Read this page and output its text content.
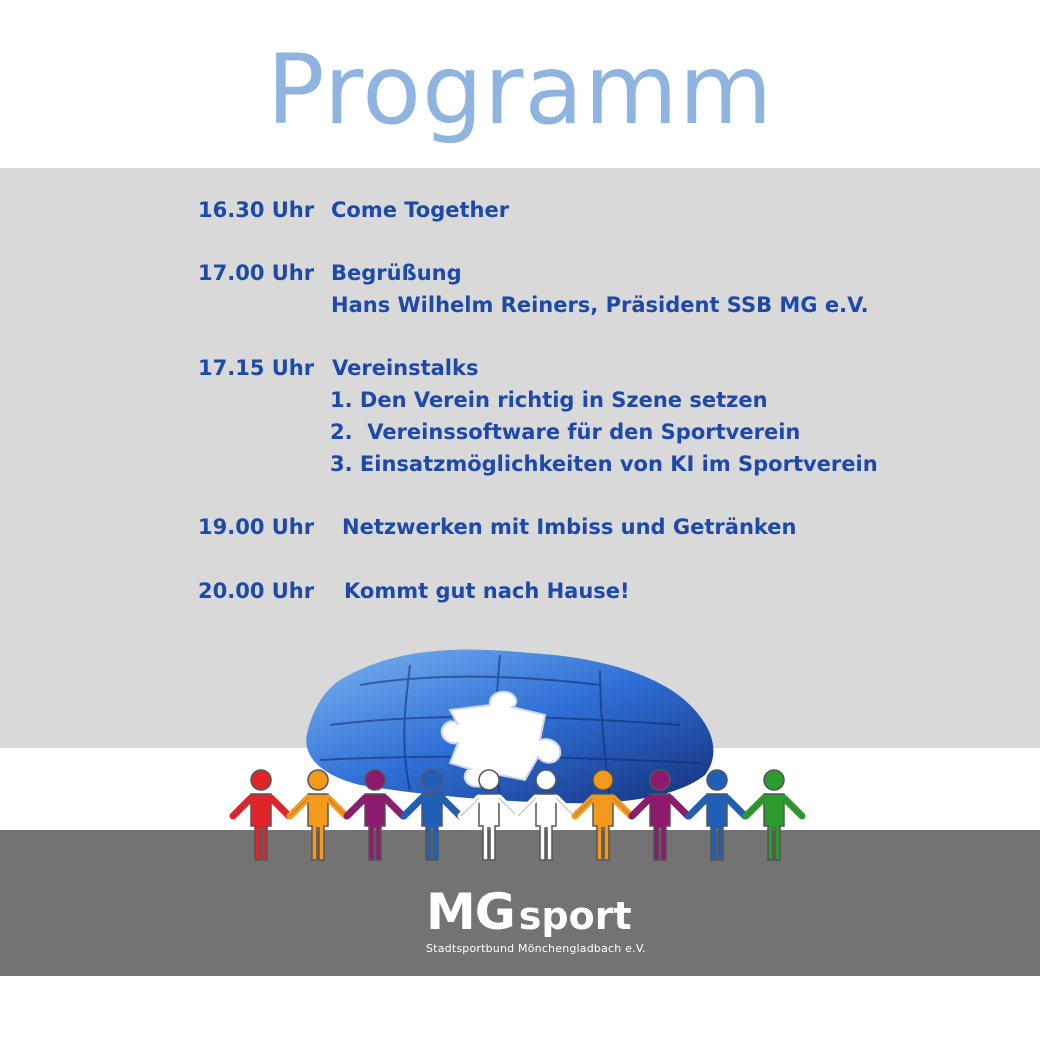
Programm
16.30 Uhr Come Together
17.00 Uhr Begrüßung
Hans Wilhelm Reiners, Präsident SSB MG e.V.
17.15 Uhr Vereinstalks
1. Den Verein richtig in Szene setzen
2.  Vereinssoftware für den Sportverein
3. Einsatzmöglichkeiten von KI im Sportverein
19.00 Uhr Netzwerken mit Imbiss und Getränken
20.00 Uhr Kommt gut nach Hause!
MG sport
Stadtsportbund Mönchengladbach e.V.
